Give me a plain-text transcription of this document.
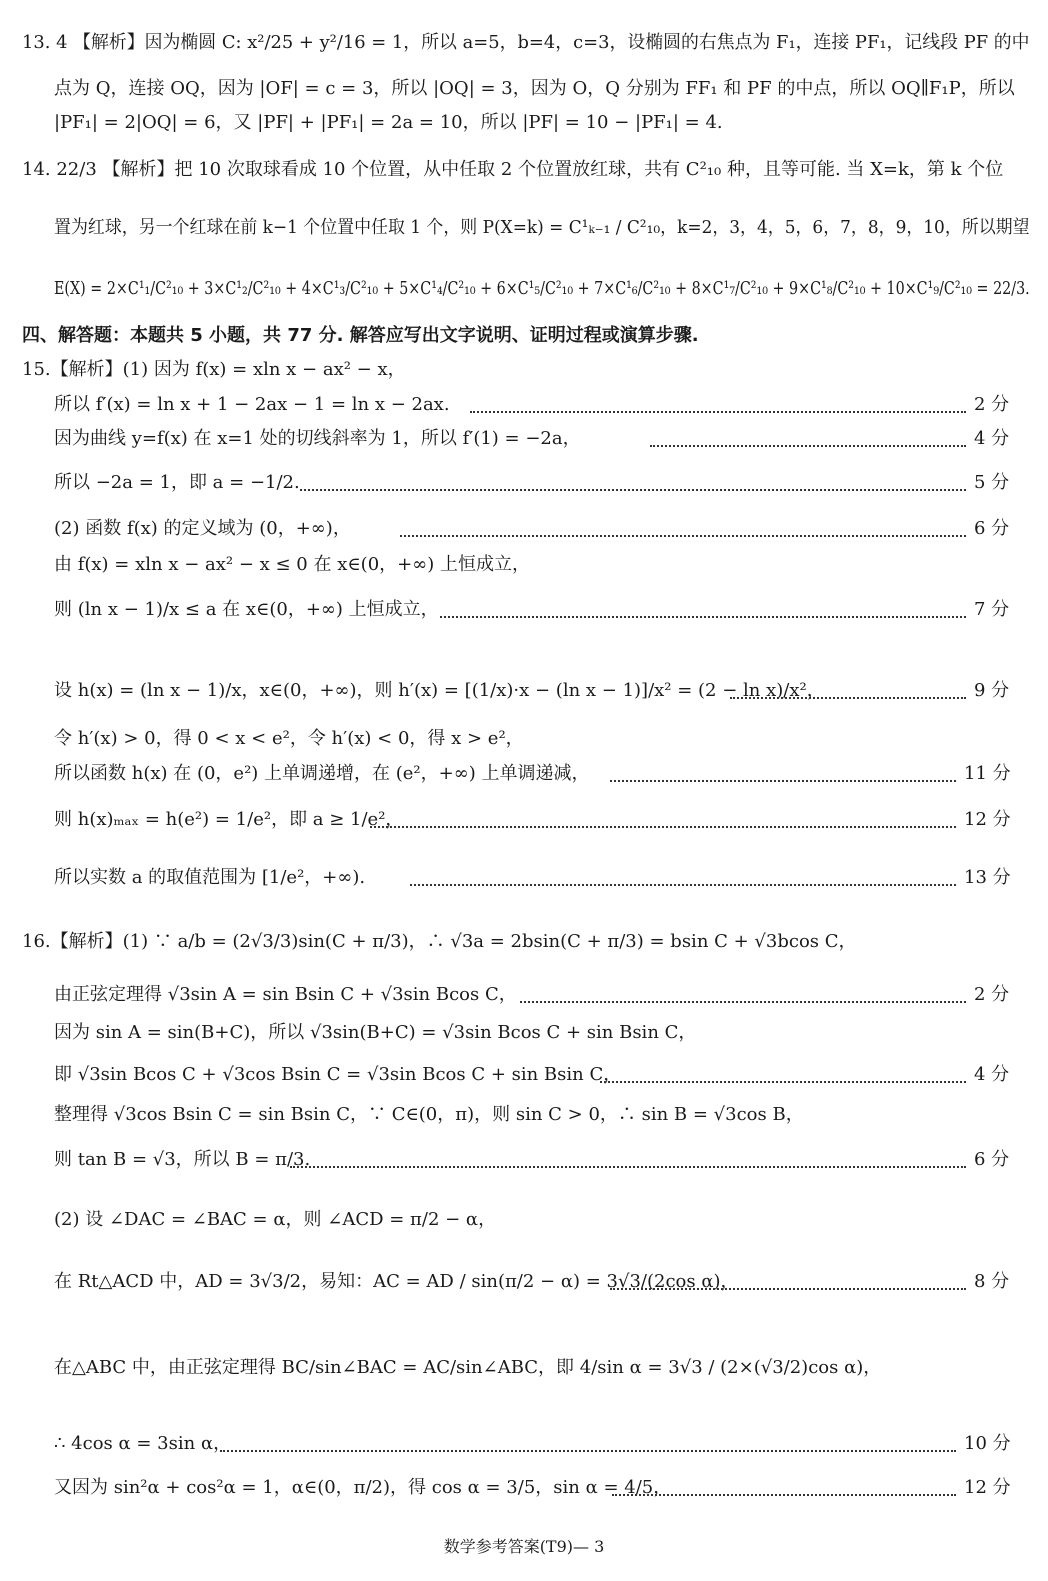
13. 4 【解析】因为椭圆 C: x²/25 + y²/16 = 1，所以 a=5，b=4，c=3，设椭圆的右焦点为 F₁，连接 PF₁，记线段 PF 的中
点为 Q，连接 OQ，因为 |OF| = c = 3，所以 |OQ| = 3，因为 O，Q 分别为 FF₁ 和 PF 的中点，所以 OQ∥F₁P，所以
|PF₁| = 2|OQ| = 6，又 |PF| + |PF₁| = 2a = 10，所以 |PF| = 10 − |PF₁| = 4.
14. 22/3 【解析】把 10 次取球看成 10 个位置，从中任取 2 个位置放红球，共有 C²₁₀ 种，且等可能. 当 X=k，第 k 个位
置为红球，另一个红球在前 k−1 个位置中任取 1 个，则 P(X=k) = C¹ₖ₋₁ / C²₁₀，k=2，3，4，5，6，7，8，9，10，所以期望
E(X) = 2×C¹₁/C²₁₀ + 3×C¹₂/C²₁₀ + 4×C¹₃/C²₁₀ + 5×C¹₄/C²₁₀ + 6×C¹₅/C²₁₀ + 7×C¹₆/C²₁₀ + 8×C¹₇/C²₁₀ + 9×C¹₈/C²₁₀ + 10×C¹₉/C²₁₀ = 22/3.
四、解答题：本题共 5 小题，共 77 分. 解答应写出文字说明、证明过程或演算步骤.
15.【解析】(1) 因为 f(x) = xln x − ax² − x，
所以 f′(x) = ln x + 1 − 2ax − 1 = ln x − 2ax.
因为曲线 y=f(x) 在 x=1 处的切线斜率为 1，所以 f′(1) = −2a，
所以 −2a = 1，即 a = −1/2.
(2) 函数 f(x) 的定义域为 (0，+∞)，
由 f(x) = xln x − ax² − x ≤ 0 在 x∈(0，+∞) 上恒成立，
则 (ln x − 1)/x ≤ a 在 x∈(0，+∞) 上恒成立，
设 h(x) = (ln x − 1)/x，x∈(0，+∞)，则 h′(x) = [(1/x)·x − (ln x − 1)]/x² = (2 − ln x)/x²，
令 h′(x) > 0，得 0 < x < e²，令 h′(x) < 0，得 x > e²，
所以函数 h(x) 在 (0，e²) 上单调递增，在 (e²，+∞) 上单调递减，
则 h(x)ₘₐₓ = h(e²) = 1/e²，即 a ≥ 1/e²，
所以实数 a 的取值范围为 [1/e²，+∞).
16.【解析】(1) ∵ a/b = (2√3/3)sin(C + π/3)，∴ √3a = 2bsin(C + π/3) = bsin C + √3bcos C，
由正弦定理得 √3sin A = sin Bsin C + √3sin Bcos C，
因为 sin A = sin(B+C)，所以 √3sin(B+C) = √3sin Bcos C + sin Bsin C，
即 √3sin Bcos C + √3cos Bsin C = √3sin Bcos C + sin Bsin C，
整理得 √3cos Bsin C = sin Bsin C，∵ C∈(0，π)，则 sin C > 0，∴ sin B = √3cos B，
则 tan B = √3，所以 B = π/3.
(2) 设 ∠DAC = ∠BAC = α，则 ∠ACD = π/2 − α，
在 Rt△ACD 中，AD = 3√3/2，易知：AC = AD / sin(π/2 − α) = 3√3/(2cos α)，
在△ABC 中，由正弦定理得 BC/sin∠BAC = AC/sin∠ABC，即 4/sin α = 3√3 / (2×(√3/2)cos α)，
∴ 4cos α = 3sin α，
又因为 sin²α + cos²α = 1，α∈(0，π/2)，得 cos α = 3/5，sin α = 4/5，
2 分
4 分
5 分
6 分
7 分
9 分
11 分
12 分
13 分
2 分
4 分
6 分
8 分
10 分
12 分
数学参考答案(T9)— 3
